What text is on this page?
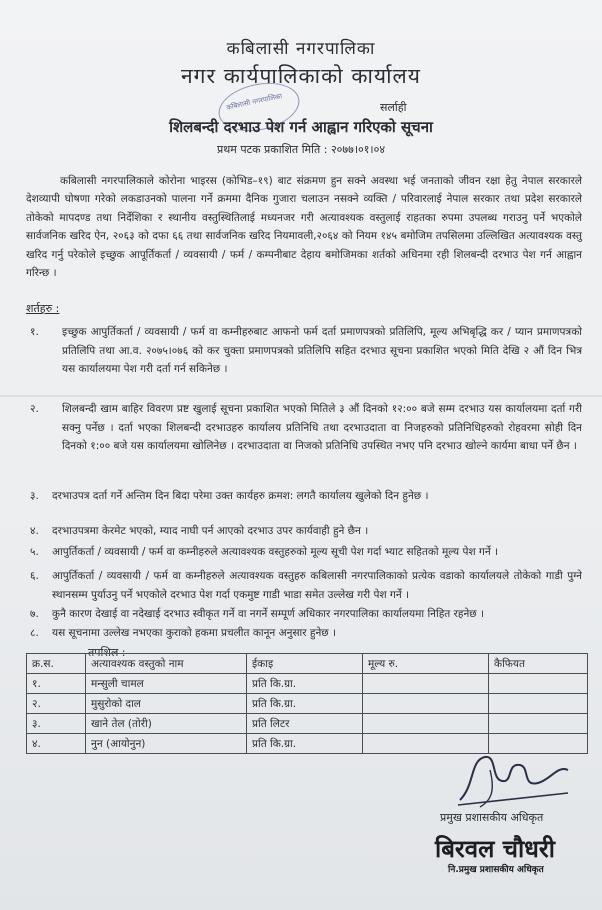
कबिलासी नगरपालिका
नगर कार्यपालिकाको कार्यालय
कबिलासी नगरपालिका	सर्लाही
शिलबन्दी दरभाउ पेश गर्न आह्वान गरिएको सूचना
प्रथम पटक प्रकाशित मिति : २०७७।०१।०४
कबिलासी नगरपालिकाले कोरोना भाइरस (कोभिड–१९) बाट संक्रमण हुन सक्ने अवस्था भई जनताको जीवन रक्षा हेतु नेपाल सरकारले देशव्यापी घोषणा गरेको लकडाउनको पालना गर्ने क्रममा दैनिक गुजारा चलाउन नसक्ने व्यक्ति / परिवारलाई नेपाल सरकार तथा प्रदेश सरकारले तोकेको मापदण्ड तथा निर्देशिका र स्थानीय वस्तुस्थितिलाई मध्यनजर गरी अत्यावश्यक वस्तुलाई राहतका रुपमा उपलब्ध गराउनु पर्ने भएकोले सार्वजनिक खरिद ऐन, २०६३ को दफा ६६ तथा सार्वजनिक खरिद नियमावली,२०६४ को नियम १४५ बमोजिम तपसिलमा उल्लिखित अत्यावश्यक वस्तु खरिद गर्नु परेकोले इच्छुक आपूर्तिकर्ता / व्यवसायी / फर्म / कम्पनीबाट देहाय बमोजिमका शर्तको अधिनमा रही शिलबन्दी दरभाउ पेश गर्न आह्वान गरिन्छ ।
शर्तहरु :
१. इच्छुक आपुर्तिकर्ता / व्यवसायी / फर्म वा कम्नीहरुबाट आफनो फर्म दर्ता प्रमाणपत्रको प्रतिलिपि, मूल्य अभिबृद्धि कर / प्यान प्रमाणपत्रको प्रतिलिपि तथा आ.व. २०७५।०७६ को कर चुक्ता प्रमाणपत्रको प्रतिलिपि सहित दरभाउ सूचना प्रकाशित भएको मिति देखि २ औं दिन भित्र यस कार्यालयमा पेश गरी दर्ता गर्न सकिनेछ ।
२. शिलबन्दी खाम बाहिर विवरण प्रष्ट खुलाई सूचना प्रकाशित भएको मितिले ३ औं दिनको १२:०० बजे सम्म दरभाउ यस कार्यालयमा दर्ता गरी सक्नु पर्नेछ । दर्ता भएका शिलबन्दी दरभाउहरु कार्यालय प्रतिनिधि तथा दरभाउदाता वा निजहरुको प्रतिनिधिहरुको रोहवरमा सोही दिन दिनको १:०० बजे यस कार्यालयमा खोलिनेछ । दरभाउदाता वा निजको प्रतिनिधि उपस्थित नभए पनि दरभाउ खोल्ने कार्यमा बाधा पर्ने छैन ।
३. दरभाउपत्र दर्ता गर्ने अन्तिम दिन बिदा परेमा उक्त कार्यहरु क्रमश: लगतै कार्यालय खुलेको दिन हुनेछ ।
४. दरभाउपत्रमा केरमेट भएको, म्याद नाघी पर्न आएको दरभाउ उपर कार्यवाही हुने छैन ।
५. आपुर्तिकर्ता / व्यवसायी / फर्म वा कम्नीहरुले अत्यावश्यक वस्तुहरुको मूल्य सूची पेश गर्दा भ्याट सहितको मूल्य पेश गर्ने ।
६. आपुर्तिकर्ता / व्यवसायी / फर्म वा कम्नीहरुले अत्यावश्यक वस्तुहरु कबिलासी नगरपालिकाको प्रत्येक वडाको कार्यालयले तोकेको गाडी पुग्ने स्थानसम्म पुर्याउनु पर्ने भएकोले दरभाउ पेश गर्दा एकमुष्ट गाडी भाडा समेत उल्लेख गरी पेश गर्ने ।
७. कुनै कारण देखाई वा नदेखाई दरभाउ स्वीकृत गर्ने वा नगर्ने सम्पूर्ण अधिकार नगरपालिका कार्यालयमा निहित रहनेछ ।
८. यस सूचनामा उल्लेख नभएका कुराको हकमा प्रचलीत कानून अनुसार हुनेछ ।
तपशिल :
क्र.स.	अत्यावश्यक वस्तुको नाम	ईकाइ	मूल्य रु.	कैफियत
१.	मन्सुली चामल	प्रति कि.ग्रा.		
२.	मुसुरोको दाल	प्रति कि.ग्रा.		
३.	खाने तेल (तोरी)	प्रति लिटर		
४.	नुन (आयोनुन)	प्रति कि.ग्रा.		
प्रमुख प्रशासकीय अधिकृत
बिरवल चौधरी
नि.प्रमुख प्रशासकीय अधिकृत
